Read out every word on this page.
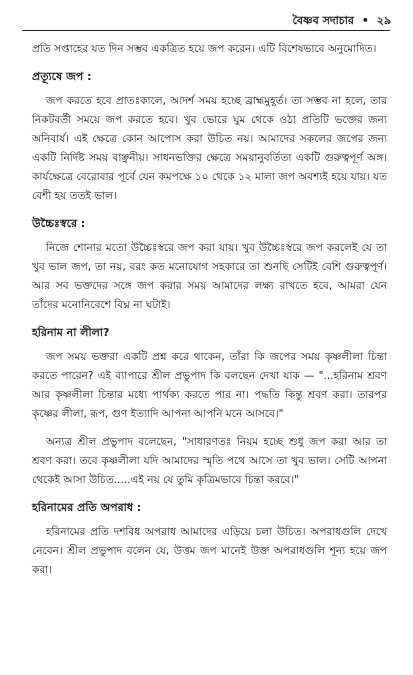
বৈষ্ণব সদাচার • ২৯

প্রতি সপ্তাহের যত দিন সম্ভব একত্রিত হয়ে জপ করেন। এটি বিশেষভাবে অনুমোদিত।

প্রত্যূষে জপ :

জপ করতে হবে প্রাতঃকালে, আদর্শ সময় হচ্ছে ব্রাহ্মমুহূর্ত। তা সম্ভব না হলে, তার নিকটবর্তী সময়ে জপ করতে হবে। খুব ভোরে ঘুম থেকে ওঠা প্রতিটি ভক্তের জন্য অনিবার্য। এই ক্ষেত্রে কোন আপোস করা উচিত নয়। আমাদের সকলের জপের জন্য একটি নির্দিষ্ট সময় বাঞ্ছনীয়। সাধনভক্তির ক্ষেত্রে সময়ানুবর্তিতা একটি গুরুত্বপূর্ণ অঙ্গ। কার্যক্ষেত্রে বেরোবার পূর্বে যেন কমপক্ষে ১০ থেকে ১২ মালা জপ অবশ্যই হয়ে যায়। যত বেশী হয় ততই ভাল।

উচ্চৈঃস্বরে :

নিজে শোনার মতো উচ্চৈঃস্বরে জপ করা যায়। খুব উচ্চৈঃস্বরে জপ করলেই যে তা খুব ভাল জপ, তা নয়, বরং কত মনোযোগ সহকারে তা শুনছি সেটিই বেশি গুরুত্বপূর্ণ। আর সব ভক্তদের সঙ্গে জপ করার সময় আমাদের লক্ষ্য রাখতে হবে, আমরা যেন তাঁদের মনোনিবেশে বিঘ্ন না ঘটাই।

হরিনাম না লীলা?

জপ সময় ভক্তরা একটি প্রশ্ন করে থাকেন, তাঁরা কি জপের সময় কৃষ্ণলীলা চিন্তা করতে পারেন? এই ব্যাপারে শ্রীল প্রভুপাদ কি বলছেন দেখা যাক — "...হরিনাম শ্রবণ আর কৃষ্ণলীলা চিন্তার মধ্যে পার্থক্য করতে পার না। পদ্ধতি কিন্তু শ্রবণ করা। তারপর কৃষ্ণের লীলা, রূপ, গুণ ইত্যাদি আপনা আপনি মনে আসবে।"

অন্যত্র শ্রীল প্রভুপাদ বলেছেন, "সাধারণতঃ নিয়ম হচ্ছে শুধু জপ করা আর তা শ্রবণ করা। তবে কৃষ্ণলীলা যদি আমাদের স্মৃতি পথে আসে তা খুব ভাল। সেটি আপনা থেকেই আসা উচিত.....এই নয় যে তুমি কৃত্রিমভাবে চিন্তা করবে।"

হরিনামের প্রতি অপরাধ :

হরিনামের প্রতি দশবিধ অপরাধ আমাদের এড়িয়ে চলা উচিত। অপরাধগুলি দেখে নেবেন। শ্রীল প্রভুপাদ বলেন যে, উত্তম জপ মানেই উক্ত অপরাধগুলি শূন্য হয়ে জপ করা।
